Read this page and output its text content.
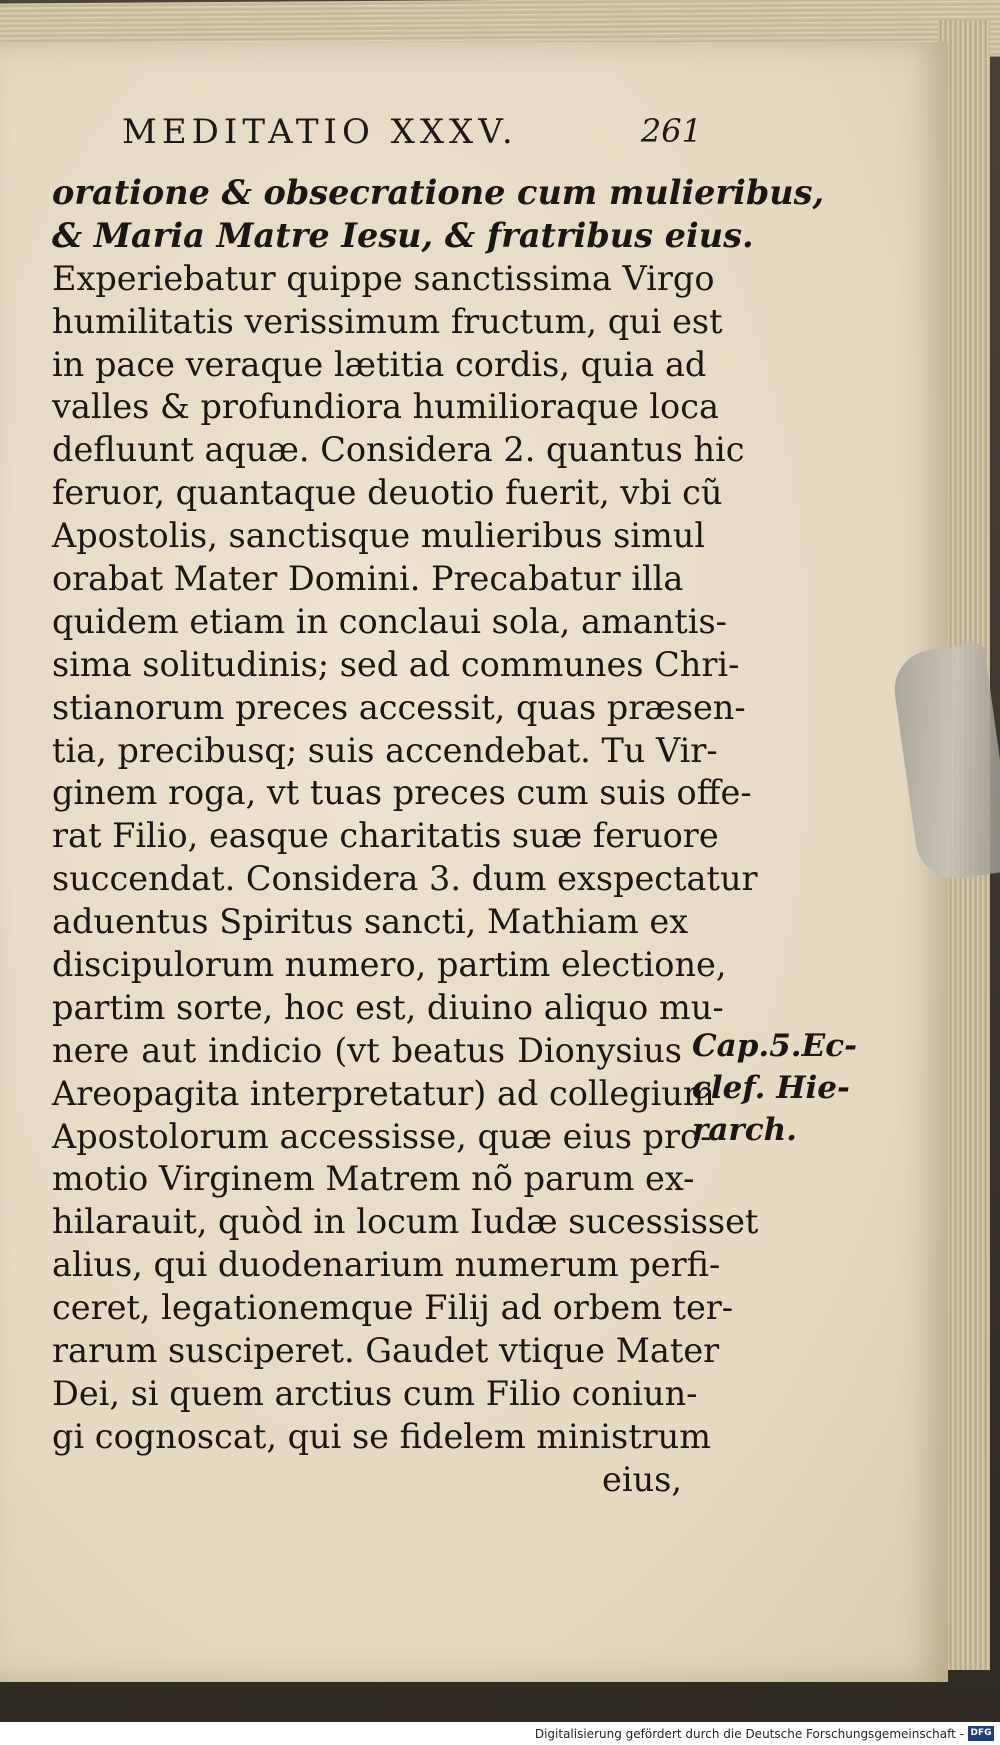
MEDITATIO XXXV.	261
oratione & obsecratione cum mulieribus,
& Maria Matre Iesu, & fratribus eius.
Experiebatur quippe sanctissima Virgo
humilitatis verissimum fructum, qui est
in pace veraque lætitia cordis, quia ad
valles & profundiora humilioraque loca
defluunt aquæ. Considera 2. quantus hic
feruor, quantaque deuotio fuerit, vbi cũ
Apostolis, sanctisque mulieribus simul
orabat Mater Domini. Precabatur illa
quidem etiam in conclaui sola, amantis-
sima solitudinis; sed ad communes Chri-
stianorum preces accessit, quas præsen-
tia, precibusq; suis accendebat. Tu Vir-
ginem roga, vt tuas preces cum suis offe-
rat Filio, easque charitatis suæ feruore
succendat. Considera 3. dum exspectatur
aduentus Spiritus sancti, Mathiam ex
discipulorum numero, partim electione,
partim sorte, hoc est, diuino aliquo mu-
nere aut indicio (vt beatus Dionysius
Areopagita interpretatur) ad collegium
Apostolorum accessisse, quæ eius pro-
motio Virginem Matrem nõ parum ex-
hilarauit, quòd in locum Iudæ sucessisset
alius, qui duodenarium numerum perfi-
ceret, legationemque Filij ad orbem ter-
rarum susciperet. Gaudet vtique Mater
Dei, si quem arctius cum Filio coniun-
gi cognoscat, qui se fidelem ministrum
eius,
Cap.5.Ec-
clef. Hie-
rarch.
Digitalisierung gefördert durch die Deutsche Forschungsgemeinschaft - DFG
